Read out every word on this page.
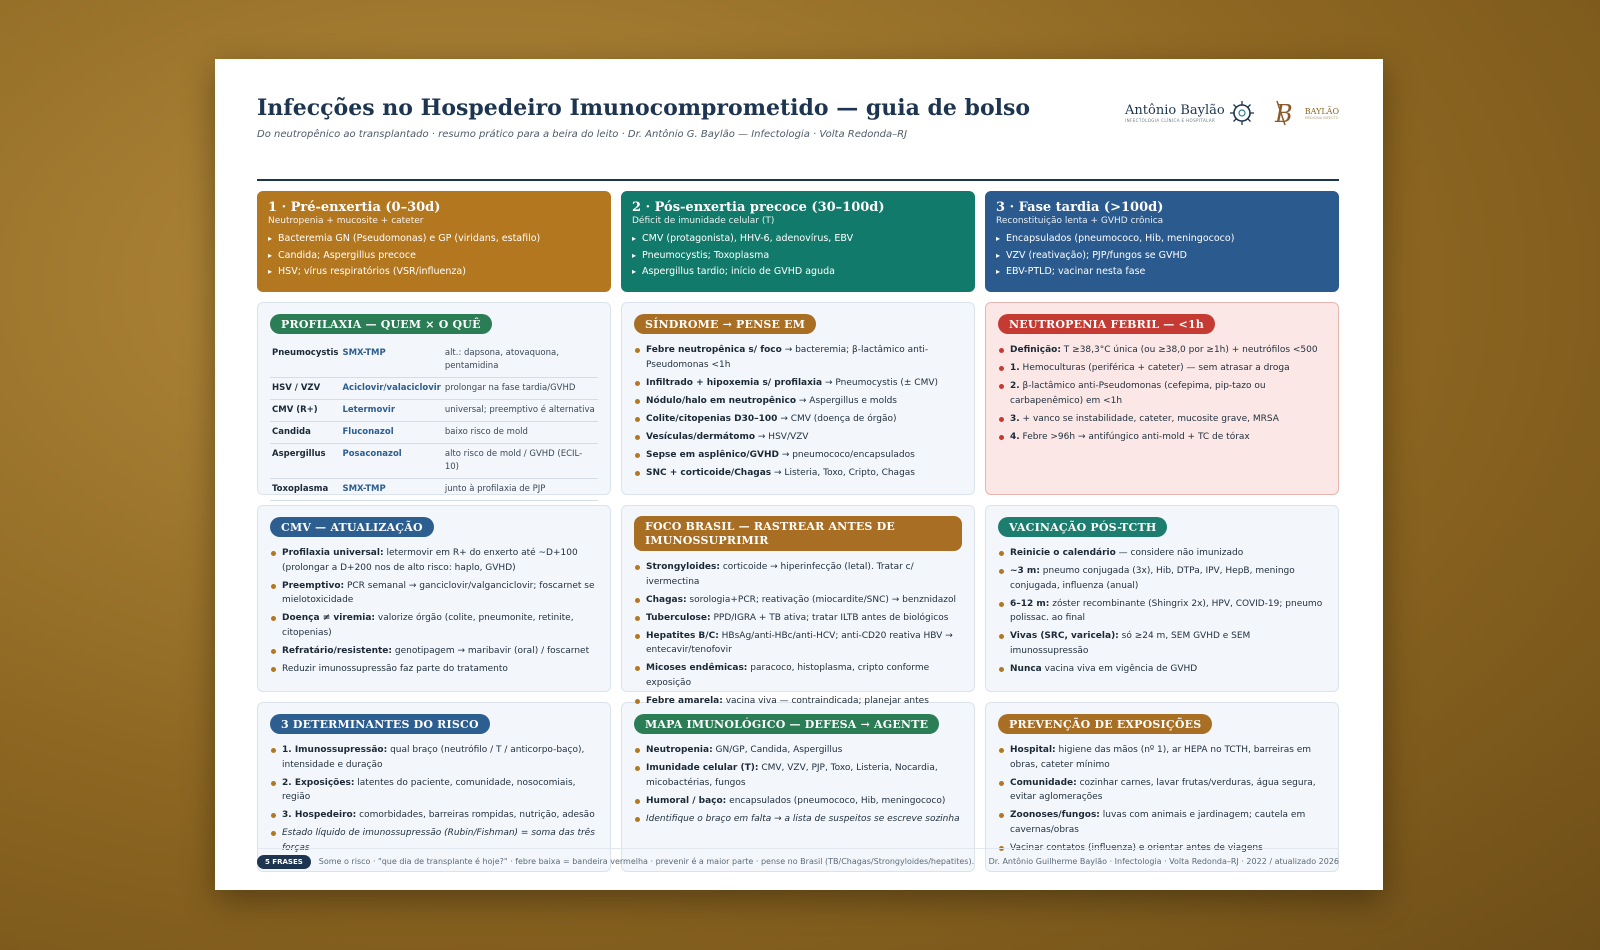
Infecções no Hospedeiro Imunocomprometido — guia de bolso
Do neutropênico ao transplantado · resumo prático para a beira do leito · Dr. Antônio G. Baylão — Infectologia · Volta Redonda–RJ
Antônio Baylão
INFECTOLOGIA CLÍNICA E HOSPITALAR	B BAYLÃO
MEDICINA INFECTO
1 · Pré-enxertia (0–30d)
Neutropenia + mucosite + cateter
▸ Bacteremia GN (Pseudomonas) e GP (viridans, estafilo)
▸ Candida; Aspergillus precoce
▸ HSV; vírus respiratórios (VSR/influenza)
2 · Pós-enxertia precoce (30–100d)
Déficit de imunidade celular (T)
▸ CMV (protagonista), HHV-6, adenovírus, EBV
▸ Pneumocystis; Toxoplasma
▸ Aspergillus tardio; início de GVHD aguda
3 · Fase tardia (>100d)
Reconstituição lenta + GVHD crônica
▸ Encapsulados (pneumococo, Hib, meningococo)
▸ VZV (reativação); PJP/fungos se GVHD
▸ EBV-PTLD; vacinar nesta fase
PROFILAXIA — QUEM × O QUÊ
Pneumocystis	SMX-TMP	alt.: dapsona, atovaquona, pentamidina
HSV / VZV	Aciclovir/valaciclovir	prolongar na fase tardia/GVHD
CMV (R+)	Letermovir	universal; preemptivo é alternativa
Candida	Fluconazol	baixo risco de mold
Aspergillus	Posaconazol	alto risco de mold / GVHD (ECIL-10)
Toxoplasma	SMX-TMP	junto à profilaxia de PJP
SÍNDROME → PENSE EM
Febre neutropênica s/ foco → bacteremia; β-lactâmico anti-Pseudomonas <1h
Infiltrado + hipoxemia s/ profilaxia → Pneumocystis (± CMV)
Nódulo/halo em neutropênico → Aspergillus e molds
Colite/citopenias D30–100 → CMV (doença de órgão)
Vesículas/dermátomo → HSV/VZV
Sepse em asplênico/GVHD → pneumococo/encapsulados
SNC + corticoide/Chagas → Listeria, Toxo, Cripto, Chagas
NEUTROPENIA FEBRIL — <1h
Definição: T ≥38,3°C única (ou ≥38,0 por ≥1h) + neutrófilos <500
1. Hemoculturas (periférica + cateter) — sem atrasar a droga
2. β-lactâmico anti-Pseudomonas (cefepima, pip-tazo ou carbapenêmico) em <1h
3. + vanco se instabilidade, cateter, mucosite grave, MRSA
4. Febre >96h → antifúngico anti-mold + TC de tórax
CMV — ATUALIZAÇÃO
Profilaxia universal: letermovir em R+ do enxerto até ~D+100 (prolongar a D+200 nos de alto risco: haplo, GVHD)
Preemptivo: PCR semanal → ganciclovir/valganciclovir; foscarnet se mielotoxicidade
Doença ≠ viremia: valorize órgão (colite, pneumonite, retinite, citopenias)
Refratário/resistente: genotipagem → maribavir (oral) / foscarnet
Reduzir imunossupressão faz parte do tratamento
FOCO BRASIL — RASTREAR ANTES DE IMUNOSSUPRIMIR
Strongyloides: corticoide → hiperinfecção (letal). Tratar c/ ivermectina
Chagas: sorologia+PCR; reativação (miocardite/SNC) → benznidazol
Tuberculose: PPD/IGRA + TB ativa; tratar ILTB antes de biológicos
Hepatites B/C: HBsAg/anti-HBc/anti-HCV; anti-CD20 reativa HBV → entecavir/tenofovir
Micoses endêmicas: paracoco, histoplasma, cripto conforme exposição
Febre amarela: vacina viva — contraindicada; planejar antes
VACINAÇÃO PÓS-TCTH
Reinicie o calendário — considere não imunizado
~3 m: pneumo conjugada (3x), Hib, DTPa, IPV, HepB, meningo conjugada, influenza (anual)
6–12 m: zóster recombinante (Shingrix 2x), HPV, COVID-19; pneumo polissac. ao final
Vivas (SRC, varicela): só ≥24 m, SEM GVHD e SEM imunossupressão
Nunca vacina viva em vigência de GVHD
3 DETERMINANTES DO RISCO
1. Imunossupressão: qual braço (neutrófilo / T / anticorpo-baço), intensidade e duração
2. Exposições: latentes do paciente, comunidade, nosocomiais, região
3. Hospedeiro: comorbidades, barreiras rompidas, nutrição, adesão
Estado líquido de imunossupressão (Rubin/Fishman) = soma das três forças
MAPA IMUNOLÓGICO — DEFESA → AGENTE
Neutropenia: GN/GP, Candida, Aspergillus
Imunidade celular (T): CMV, VZV, PJP, Toxo, Listeria, Nocardia, micobactérias, fungos
Humoral / baço: encapsulados (pneumococo, Hib, meningococo)
Identifique o braço em falta → a lista de suspeitos se escreve sozinha
PREVENÇÃO DE EXPOSIÇÕES
Hospital: higiene das mãos (nº 1), ar HEPA no TCTH, barreiras em obras, cateter mínimo
Comunidade: cozinhar carnes, lavar frutas/verduras, água segura, evitar aglomerações
Zoonoses/fungos: luvas com animais e jardinagem; cautela em cavernas/obras
Vacinar contatos (influenza) e orientar antes de viagens
5 FRASES	Some o risco · "que dia de transplante é hoje?" · febre baixa = bandeira vermelha · prevenir é a maior parte · pense no Brasil (TB/Chagas/Strongyloides/hepatites).	Dr. Antônio Guilherme Baylão · Infectologia · Volta Redonda–RJ · 2022 / atualizado 2026
